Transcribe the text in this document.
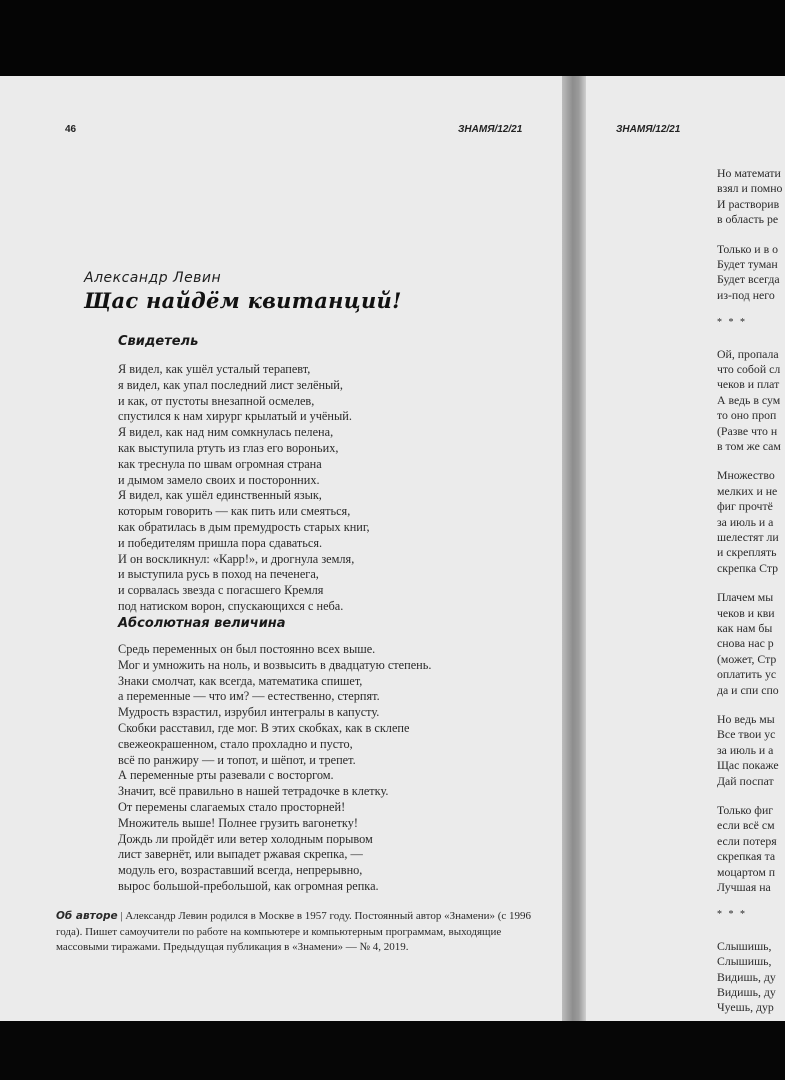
46	ЗНАМЯ/12/21
Александр Левин
Щас найдём квитанций!
Свидетель
Я видел, как ушёл усталый терапевт,
я видел, как упал последний лист зелёный,
и как, от пустоты внезапной осмелев,
спустился к нам хирург крылатый и учёный.
Я видел, как над ним сомкнулась пелена,
как выступила ртуть из глаз его вороньих,
как треснула по швам огромная страна
и дымом замело своих и посторонних.
Я видел, как ушёл единственный язык,
которым говорить — как пить или смеяться,
как обратилась в дым премудрость старых книг,
и победителям пришла пора сдаваться.
И он воскликнул: «Карр!», и дрогнула земля,
и выступила русь в поход на печенега,
и сорвалась звезда с погасшего Кремля
под натиском ворон, спускающихся с неба.
Абсолютная величина
Средь переменных он был постоянно всех выше.
Мог и умножить на ноль, и возвысить в двадцатую степень.
Знаки смолчат, как всегда, математика спишет,
а переменные — что им? — естественно, стерпят.
Мудрость взрастил, изрубил интегралы в капусту.
Скобки расставил, где мог. В этих скобках, как в склепе
свежеокрашенном, стало прохладно и пусто,
всё по ранжиру — и топот, и шёпот, и трепет.
А переменные рты разевали с восторгом.
Значит, всё правильно в нашей тетрадочке в клетку.
От перемены слагаемых стало просторней!
Множитель выше! Полнее грузить вагонетку!
Дождь ли пройдёт или ветер холодным порывом
лист завернёт, или выпадет ржавая скрепка, —
модуль его, возраставший всегда, непрерывно,
вырос большой-пребольшой, как огромная репка.
Об авторе | Александр Левин родился в Москве в 1957 году. Постоянный автор «Знамени» (с 1996 года). Пишет самоучители по работе на компьютере и компьютерным программам, выходящие массовыми тиражами. Предыдущая публикация в «Знамени» — № 4, 2019.
ЗНАМЯ/12/21
Но математи
взял и помно
И растворив
в область ре
Только и в о
Будет туман
Будет всегда
из-под него
* * *
Ой, пропала
что собой сл
чеков и плат
А ведь в сум
то оно проп
(Разве что н
в том же сам
Множество
мелких и не
фиг прочтё
за июль и а
шелестят ли
и скреплять
скрепка Стр
Плачем мы
чеков и кви
как нам бы
снова нас р
(может, Стр
оплатить ус
да и спи спо
Но ведь мы
Все твои ус
за июль и а
Щас покаже
Дай поспат
Только фиг
если всё см
если потеря
скрепкая та
моцартом п
Лучшая на
* * *
Слышишь,
Слышишь,
Видишь, ду
Видишь, ду
Чуешь, дур
